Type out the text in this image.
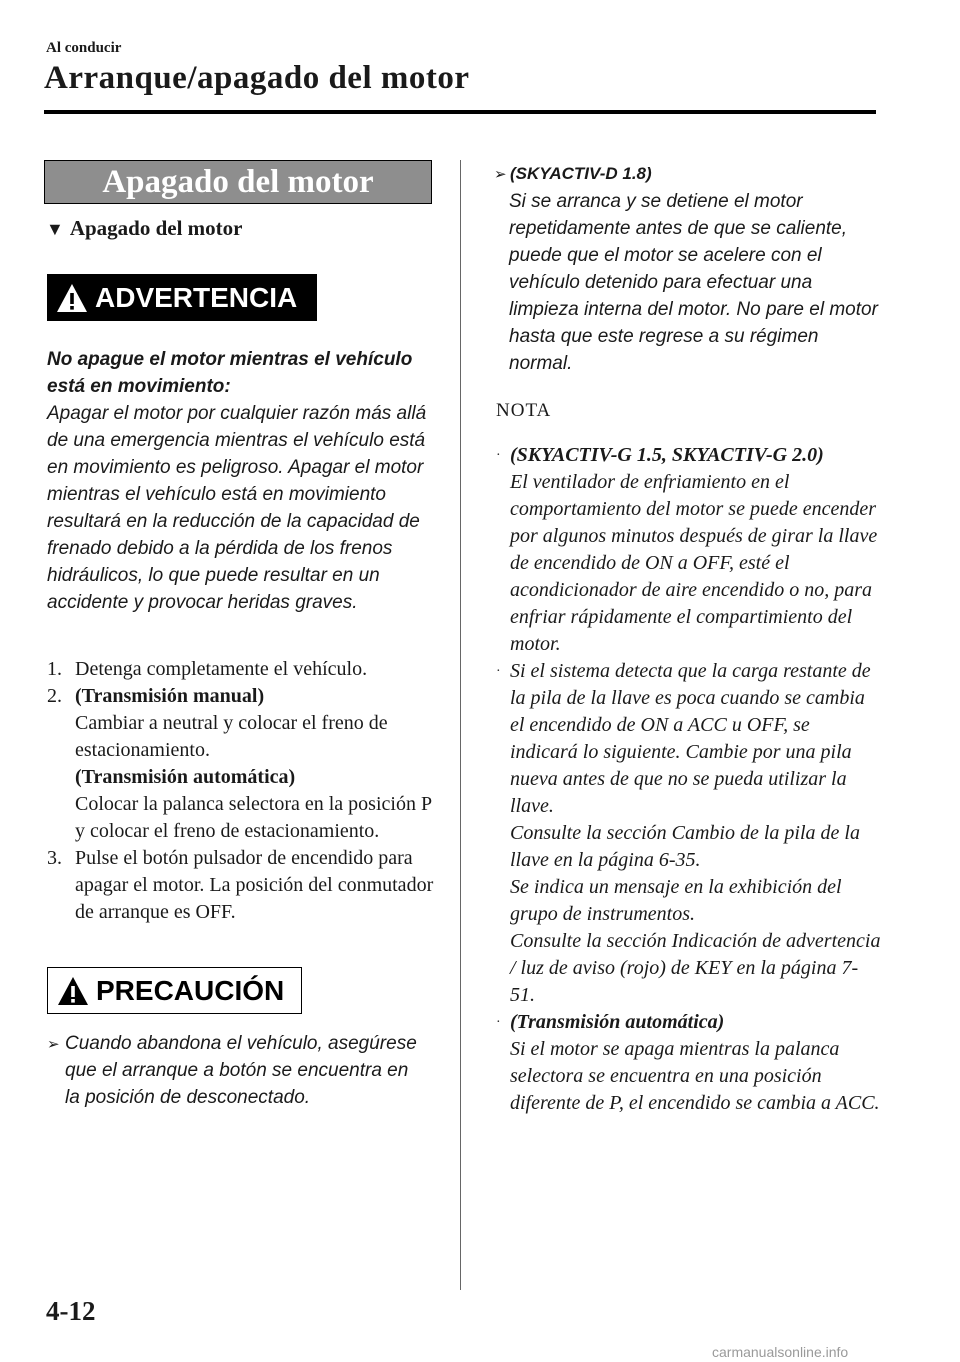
Al conducir
Arranque/apagado del motor
Apagado del motor
▼ Apagado del motor
ADVERTENCIA
No apague el motor mientras el vehículo está en movimiento:
Apagar el motor por cualquier razón más allá de una emergencia mientras el vehículo está en movimiento es peligroso. Apagar el motor mientras el vehículo está en movimiento resultará en la reducción de la capacidad de frenado debido a la pérdida de los frenos hidráulicos, lo que puede resultar en un accidente y provocar heridas graves.
1. Detenga completamente el vehículo.
2. (Transmisión manual)
Cambiar a neutral y colocar el freno de estacionamiento.
(Transmisión automática)
Colocar la palanca selectora en la posición P y colocar el freno de estacionamiento.
3. Pulse el botón pulsador de encendido para apagar el motor. La posición del conmutador de arranque es OFF.
PRECAUCIÓN
➢ Cuando abandona el vehículo, asegúrese que el arranque a botón se encuentra en la posición de desconectado.
➢ (SKYACTIV-D 1.8)
Si se arranca y se detiene el motor repetidamente antes de que se caliente, puede que el motor se acelere con el vehículo detenido para efectuar una limpieza interna del motor. No pare el motor hasta que este regrese a su régimen normal.
NOTA
· (SKYACTIV-G 1.5, SKYACTIV-G 2.0)
El ventilador de enfriamiento en el comportamiento del motor se puede encender por algunos minutos después de girar la llave de encendido de ON a OFF, esté el acondicionador de aire encendido o no, para enfriar rápidamente el compartimiento del motor.
· Si el sistema detecta que la carga restante de la pila de la llave es poca cuando se cambia el encendido de ON a ACC u OFF, se indicará lo siguiente. Cambie por una pila nueva antes de que no se pueda utilizar la llave.
Consulte la sección Cambio de la pila de la llave en la página 6-35.
Se indica un mensaje en la exhibición del grupo de instrumentos.
Consulte la sección Indicación de advertencia / luz de aviso (rojo) de KEY en la página 7-51.
· (Transmisión automática)
Si el motor se apaga mientras la palanca selectora se encuentra en una posición diferente de P, el encendido se cambia a ACC.
4-12
carmanualsonline.info
